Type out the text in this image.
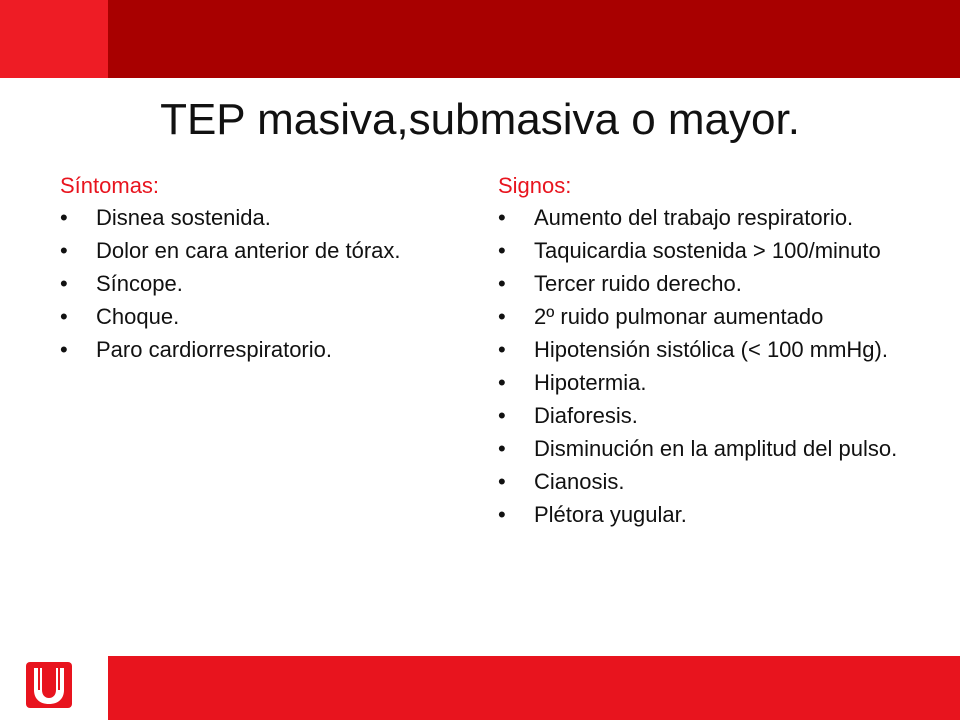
TEP masiva,submasiva o mayor.
Síntomas:
• Disnea sostenida.
• Dolor en cara anterior de tórax.
• Síncope.
• Choque.
• Paro cardiorrespiratorio.
Signos:
• Aumento del trabajo respiratorio.
• Taquicardia sostenida > 100/minuto
• Tercer ruido derecho.
• 2º ruido pulmonar aumentado
• Hipotensión sistólica (< 100 mmHg).
• Hipotermia.
• Diaforesis.
• Disminución en la amplitud del pulso.
• Cianosis.
• Plétora yugular.
